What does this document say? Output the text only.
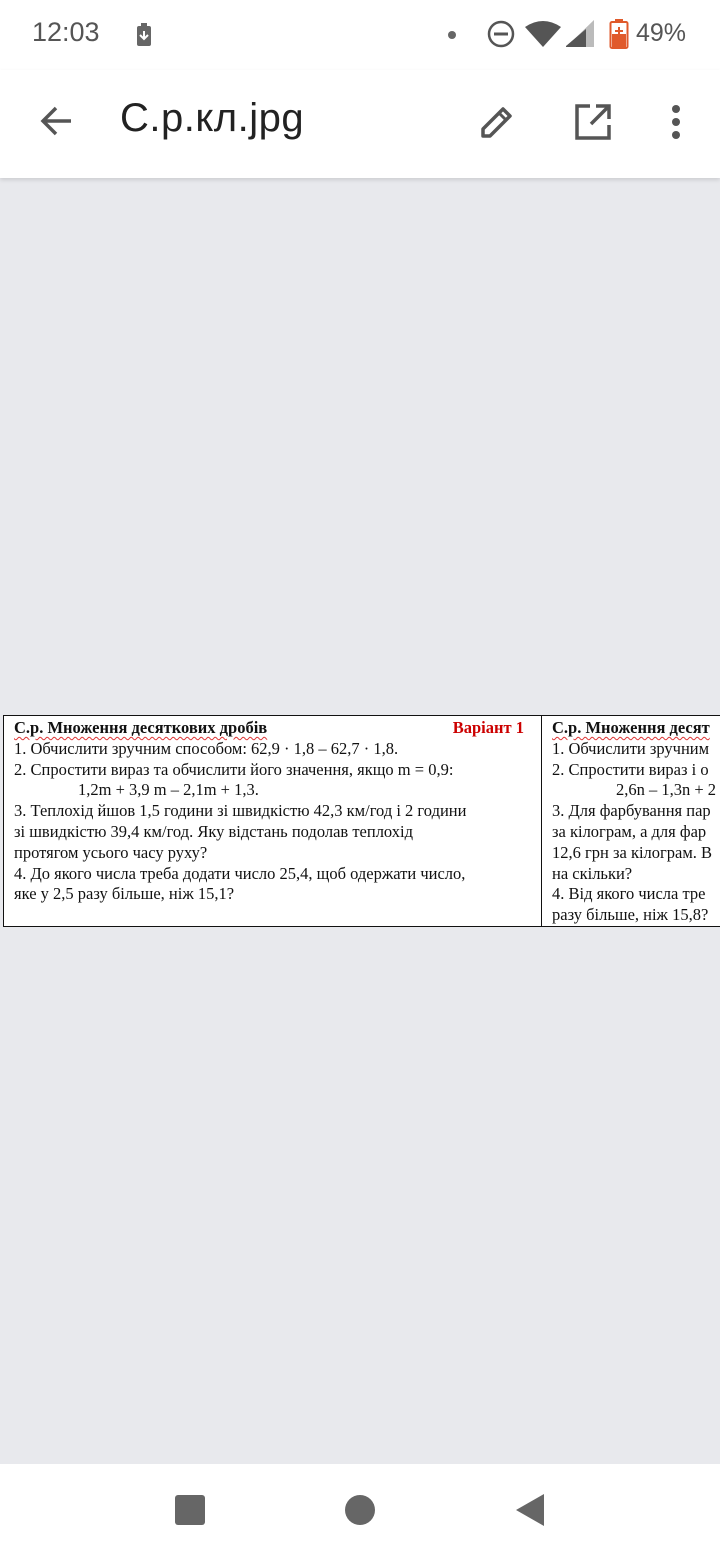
12:03	49%
С.р.кл.jpg
С.р. Множення десяткових дробів	Варіант 1
1. Обчислити зручним способом: 62,9 · 1,8 – 62,7 · 1,8.
2. Спростити вираз та обчислити його значення, якщо m = 0,9:
1,2m + 3,9 m – 2,1m + 1,3.
3. Теплохід йшов 1,5 години зі швидкістю 42,3 км/год і 2 години
зі швидкістю 39,4 км/год. Яку відстань подолав теплохід
протягом усього часу руху?
4. До якого числа треба додати число 25,4, щоб одержати число,
яке у 2,5 разу більше, ніж 15,1?
С.р. Множення десят
1. Обчислити зручним
2. Спростити вираз і о
2,6n – 1,3n + 2
3. Для фарбування пар
за кілограм, а для фар
12,6 грн за кілограм. В
на скільки?
4. Від якого числа тре
разу більше, ніж 15,8?
